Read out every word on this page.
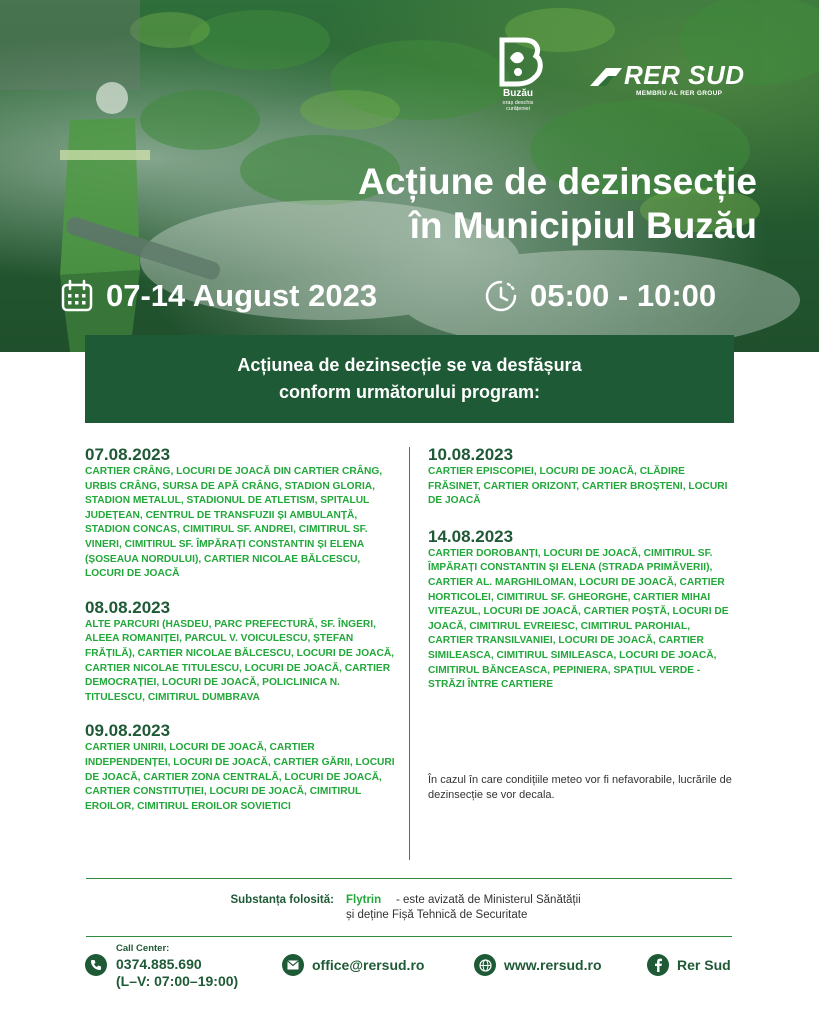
Buzău
oraș deschis
curățeniei
RER SUD
MEMBRU AL RER GROUP
Acțiune de dezinsecție
în Municipiul Buzău
07-14 August 2023	05:00 - 10:00
Acțiunea de dezinsecție se va desfășura
conform următorului program:
07.08.2023
CARTIER CRÂNG, LOCURI DE JOACĂ DIN CARTIER CRÂNG, URBIS CRÂNG, SURSA DE APĂ CRÂNG, STADION GLORIA, STADION METALUL, STADIONUL DE ATLETISM, SPITALUL JUDEȚEAN, CENTRUL DE TRANSFUZII ȘI AMBULANȚĂ, STADION CONCAS, CIMITIRUL SF. ANDREI, CIMITIRUL SF. VINERI, CIMITIRUL SF. ÎMPĂRAȚI CONSTANTIN ȘI ELENA (ȘOSEAUA NORDULUI), CARTIER NICOLAE BĂLCESCU, LOCURI DE JOACĂ
08.08.2023
ALTE PARCURI (HASDEU, PARC PREFECTURĂ, SF. ÎNGERI, ALEEA ROMANIȚEI, PARCUL V. VOICULESCU, ȘTEFAN FRĂȚILĂ), CARTIER NICOLAE BĂLCESCU, LOCURI DE JOACĂ, CARTIER NICOLAE TITULESCU, LOCURI DE JOACĂ, CARTIER DEMOCRAȚIEI, LOCURI DE JOACĂ, POLICLINICA N. TITULESCU, CIMITIRUL DUMBRAVA
09.08.2023
CARTIER UNIRII, LOCURI DE JOACĂ, CARTIER INDEPENDENȚEI, LOCURI DE JOACĂ, CARTIER GĂRII, LOCURI DE JOACĂ, CARTIER ZONA CENTRALĂ, LOCURI DE JOACĂ, CARTIER CONSTITUȚIEI, LOCURI DE JOACĂ, CIMITIRUL EROILOR, CIMITIRUL EROILOR SOVIETICI
10.08.2023
CARTIER EPISCOPIEI, LOCURI DE JOACĂ, CLĂDIRE FRĂSINET, CARTIER ORIZONT, CARTIER BROȘTENI, LOCURI DE JOACĂ
14.08.2023
CARTIER DOROBANȚI, LOCURI DE JOACĂ, CIMITIRUL SF. ÎMPĂRAȚI CONSTANTIN ȘI ELENA (STRADA PRIMĂVERII), CARTIER AL. MARGHILOMAN, LOCURI DE JOACĂ, CARTIER HORTICOLEI, CIMITIRUL SF. GHEORGHE, CARTIER MIHAI VITEAZUL, LOCURI DE JOACĂ, CARTIER POȘTĂ, LOCURI DE JOACĂ, CIMITIRUL EVREIESC, CIMITIRUL PAROHIAL, CARTIER TRANSILVANIEI, LOCURI DE JOACĂ, CARTIER SIMILEASCA, CIMITIRUL SIMILEASCA, LOCURI DE JOACĂ, CIMITIRUL BĂNCEASCA, PEPINIERA, SPAȚIUL VERDE - STRĂZI ÎNTRE CARTIERE
În cazul în care condițiile meteo vor fi nefavorabile, lucrările de dezinsecție se vor decala.
Substanța folosită: Flytrin - este avizată de Ministerul Sănătății
și deține Fișă Tehnică de Securitate
Call Center:
0374.885.690
(L–V: 07:00–19:00)
office@rersud.ro	www.rersud.ro	Rer Sud
